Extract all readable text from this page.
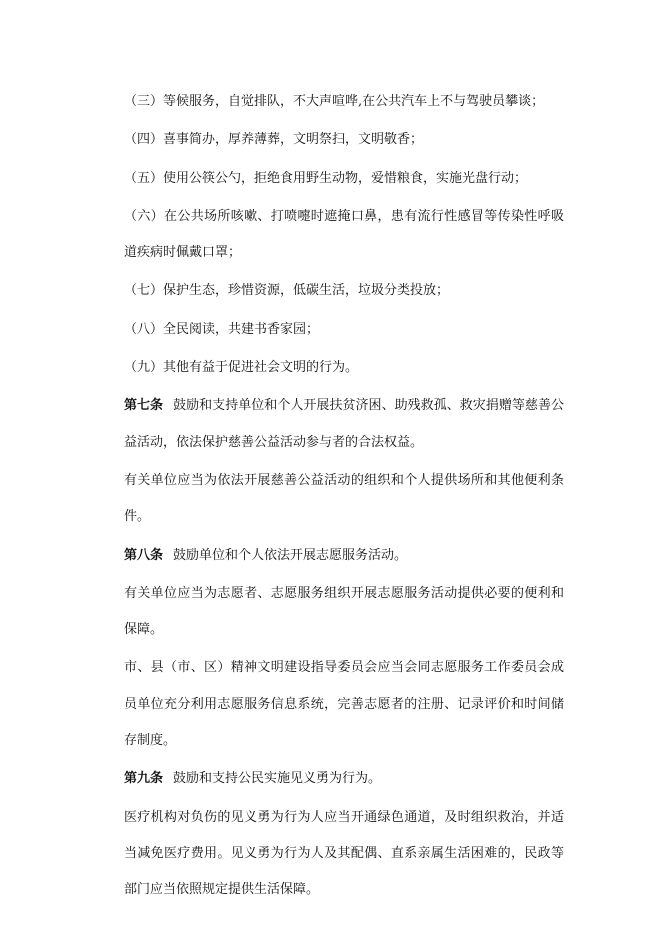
（三）等候服务，自觉排队，不大声喧哗,在公共汽车上不与驾驶员攀谈；

（四）喜事简办，厚养薄葬，文明祭扫，文明敬香；

（五）使用公筷公勺，拒绝食用野生动物，爱惜粮食，实施光盘行动；

（六）在公共场所咳嗽、打喷嚏时遮掩口鼻，患有流行性感冒等传染性呼吸道疾病时佩戴口罩；

（七）保护生态，珍惜资源，低碳生活，垃圾分类投放；

（八）全民阅读，共建书香家园；

（九）其他有益于促进社会文明的行为。

第七条 鼓励和支持单位和个人开展扶贫济困、助残救孤、救灾捐赠等慈善公益活动，依法保护慈善公益活动参与者的合法权益。

有关单位应当为依法开展慈善公益活动的组织和个人提供场所和其他便利条件。

第八条 鼓励单位和个人依法开展志愿服务活动。

有关单位应当为志愿者、志愿服务组织开展志愿服务活动提供必要的便利和保障。

市、县（市、区）精神文明建设指导委员会应当会同志愿服务工作委员会成员单位充分利用志愿服务信息系统，完善志愿者的注册、记录评价和时间储存制度。

第九条 鼓励和支持公民实施见义勇为行为。

医疗机构对负伤的见义勇为行为人应当开通绿色通道，及时组织救治，并适当减免医疗费用。见义勇为行为人及其配偶、直系亲属生活困难的，民政等部门应当依照规定提供生活保障。
